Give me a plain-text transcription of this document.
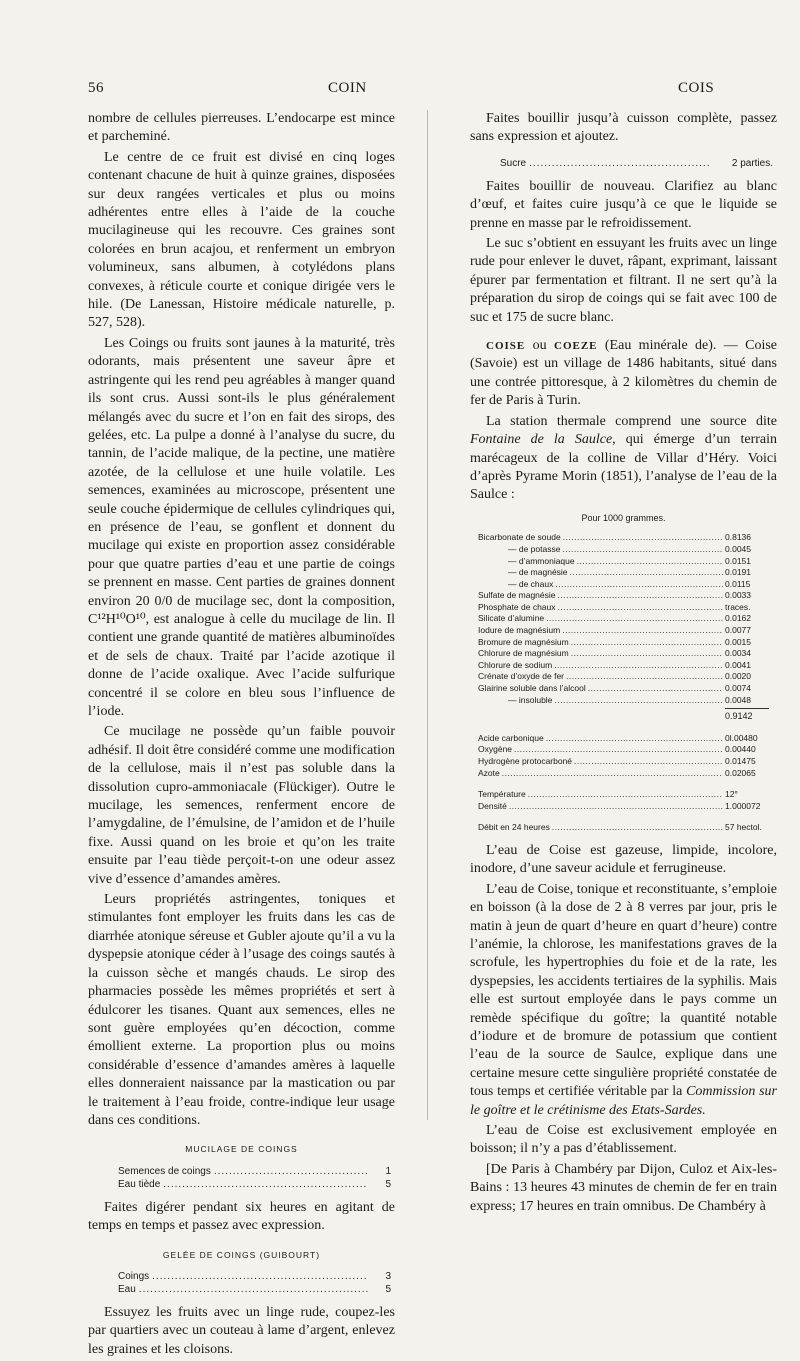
56	COIN	COIS

nombre de cellules pierreuses. L’endocarpe est mince et parcheminé.

Le centre de ce fruit est divisé en cinq loges contenant chacune de huit à quinze graines, disposées sur deux rangées verticales et plus ou moins adhérentes entre elles à l’aide de la couche mucilagineuse qui les recouvre. Ces graines sont colorées en brun acajou, et renferment un embryon volumineux, sans albumen, à cotylédons plans convexes, à réticule courte et conique dirigée vers le hile. (De Lanessan, Histoire médicale naturelle, p. 527, 528).

Les Coings ou fruits sont jaunes à la maturité, très odorants, mais présentent une saveur âpre et astringente qui les rend peu agréables à manger quand ils sont crus. Aussi sont-ils le plus généralement mélangés avec du sucre et l’on en fait des sirops, des gelées, etc. La pulpe a donné à l’analyse du sucre, du tannin, de l’acide malique, de la pectine, une matière azotée, de la cellulose et une huile volatile. Les semences, examinées au microscope, présentent une seule couche épidermique de cellules cylindriques qui, en présence de l’eau, se gonflent et donnent du mucilage qui existe en proportion assez considérable pour que quatre parties d’eau et une partie de coings se prennent en masse. Cent parties de graines donnent environ 20 0/0 de mucilage sec, dont la composition, C¹²H¹⁰O¹⁰, est analogue à celle du mucilage de lin. Il contient une grande quantité de matières albuminoïdes et de sels de chaux. Traité par l’acide azotique il donne de l’acide oxalique. Avec l’acide sulfurique concentré il se colore en bleu sous l’influence de l’iode.

Ce mucilage ne possède qu’un faible pouvoir adhésif. Il doit être considéré comme une modification de la cellulose, mais il n’est pas soluble dans la dissolution cupro-ammoniacale (Flückiger). Outre le mucilage, les semences, renferment encore de l’amygdaline, de l’émulsine, de l’amidon et de l’huile fixe. Aussi quand on les broie et qu’on les traite ensuite par l’eau tiède perçoit-t-on une odeur assez vive d’essence d’amandes amères.

Leurs propriétés astringentes, toniques et stimulantes font employer les fruits dans les cas de diarrhée atonique séreuse et Gubler ajoute qu’il a vu la dyspepsie atonique céder à l’usage des coings sautés à la cuisson sèche et mangés chauds. Le sirop des pharmacies possède les mêmes propriétés et sert à édulcorer les tisanes. Quant aux semences, elles ne sont guère employées qu’en décoction, comme émollient externe. La proportion plus ou moins considérable d’essence d’amandes amères à laquelle elles donneraient naissance par la mastication ou par le traitement à l’eau froide, contre-indique leur usage dans ces conditions.

MUCILAGE DE COINGS
Semences de coings .....	1
Eau tiède .....	5

Faites digérer pendant six heures en agitant de temps en temps et passez avec expression.

GELÉE DE COINGS (GUIBOURT)
Coings .....	3
Eau .....	5

Essuyez les fruits avec un linge rude, coupez-les par quartiers avec un couteau à lame d’argent, enlevez les graines et les cloisons.

Faites bouillir jusqu’à cuisson complète, passez sans expression et ajoutez.

Sucre .....	2 parties.

Faites bouillir de nouveau. Clarifiez au blanc d’œuf, et faites cuire jusqu’à ce que le liquide se prenne en masse par le refroidissement.

Le suc s’obtient en essuyant les fruits avec un linge rude pour enlever le duvet, râpant, exprimant, laissant épurer par fermentation et filtrant. Il ne sert qu’à la préparation du sirop de coings qui se fait avec 100 de suc et 175 de sucre blanc.

COISE ou COEZE (Eau minérale de). — Coise (Savoie) est un village de 1486 habitants, situé dans une contrée pittoresque, à 2 kilomètres du chemin de fer de Paris à Turin.

La station thermale comprend une source dite Fontaine de la Saulce, qui émerge d’un terrain marécageux de la colline de Villar d’Héry. Voici d’après Pyrame Morin (1851), l’analyse de l’eau de la Saulce :

Pour 1000 grammes.
Bicarbonate de soude .....	0.8136
— de potasse .....	0.0045
— d’ammoniaque .....	0.0151
— de magnésie .....	0.0191
— de chaux .....	0.0115
Sulfate de magnésie .....	0.0033
Phosphate de chaux .....	traces.
Silicate d’alumine .....	0.0162
Iodure de magnésium .....	0.0077
Bromure de magnésium .....	0.0015
Chlorure de magnésium .....	0.0034
Chlorure de sodium .....	0.0041
Crénate d’oxyde de fer .....	0.0020
Glairine soluble dans l’alcool .....	0.0074
— insoluble .....	0.0048
0.9142
Acide carbonique .....	0l.00480
Oxygène .....	0.00440
Hydrogène protocarboné .....	0.01475
Azote .....	0.02065
Température .....	12°
Densité .....	1.000072
Débit en 24 heures .....	57 hectol.

L’eau de Coise est gazeuse, limpide, incolore, inodore, d’une saveur acidule et ferrugineuse.

L’eau de Coise, tonique et reconstituante, s’emploie en boisson (à la dose de 2 à 8 verres par jour, pris le matin à jeun de quart d’heure en quart d’heure) contre l’anémie, la chlorose, les manifestations graves de la scrofule, les hypertrophies du foie et de la rate, les dyspepsies, les accidents tertiaires de la syphilis. Mais elle est surtout employée dans le pays comme un remède spécifique du goître; la quantité notable d’iodure et de bromure de potassium que contient l’eau de la source de Saulce, explique dans une certaine mesure cette singulière propriété constatée de tous temps et certifiée véritable par la Commission sur le goître et le crétinisme des Etats-Sardes.

L’eau de Coise est exclusivement employée en boisson; il n’y a pas d’établissement.

[De Paris à Chambéry par Dijon, Culoz et Aix-les-Bains : 13 heures 43 minutes de chemin de fer en train express; 17 heures en train omnibus. De Chambéry à
